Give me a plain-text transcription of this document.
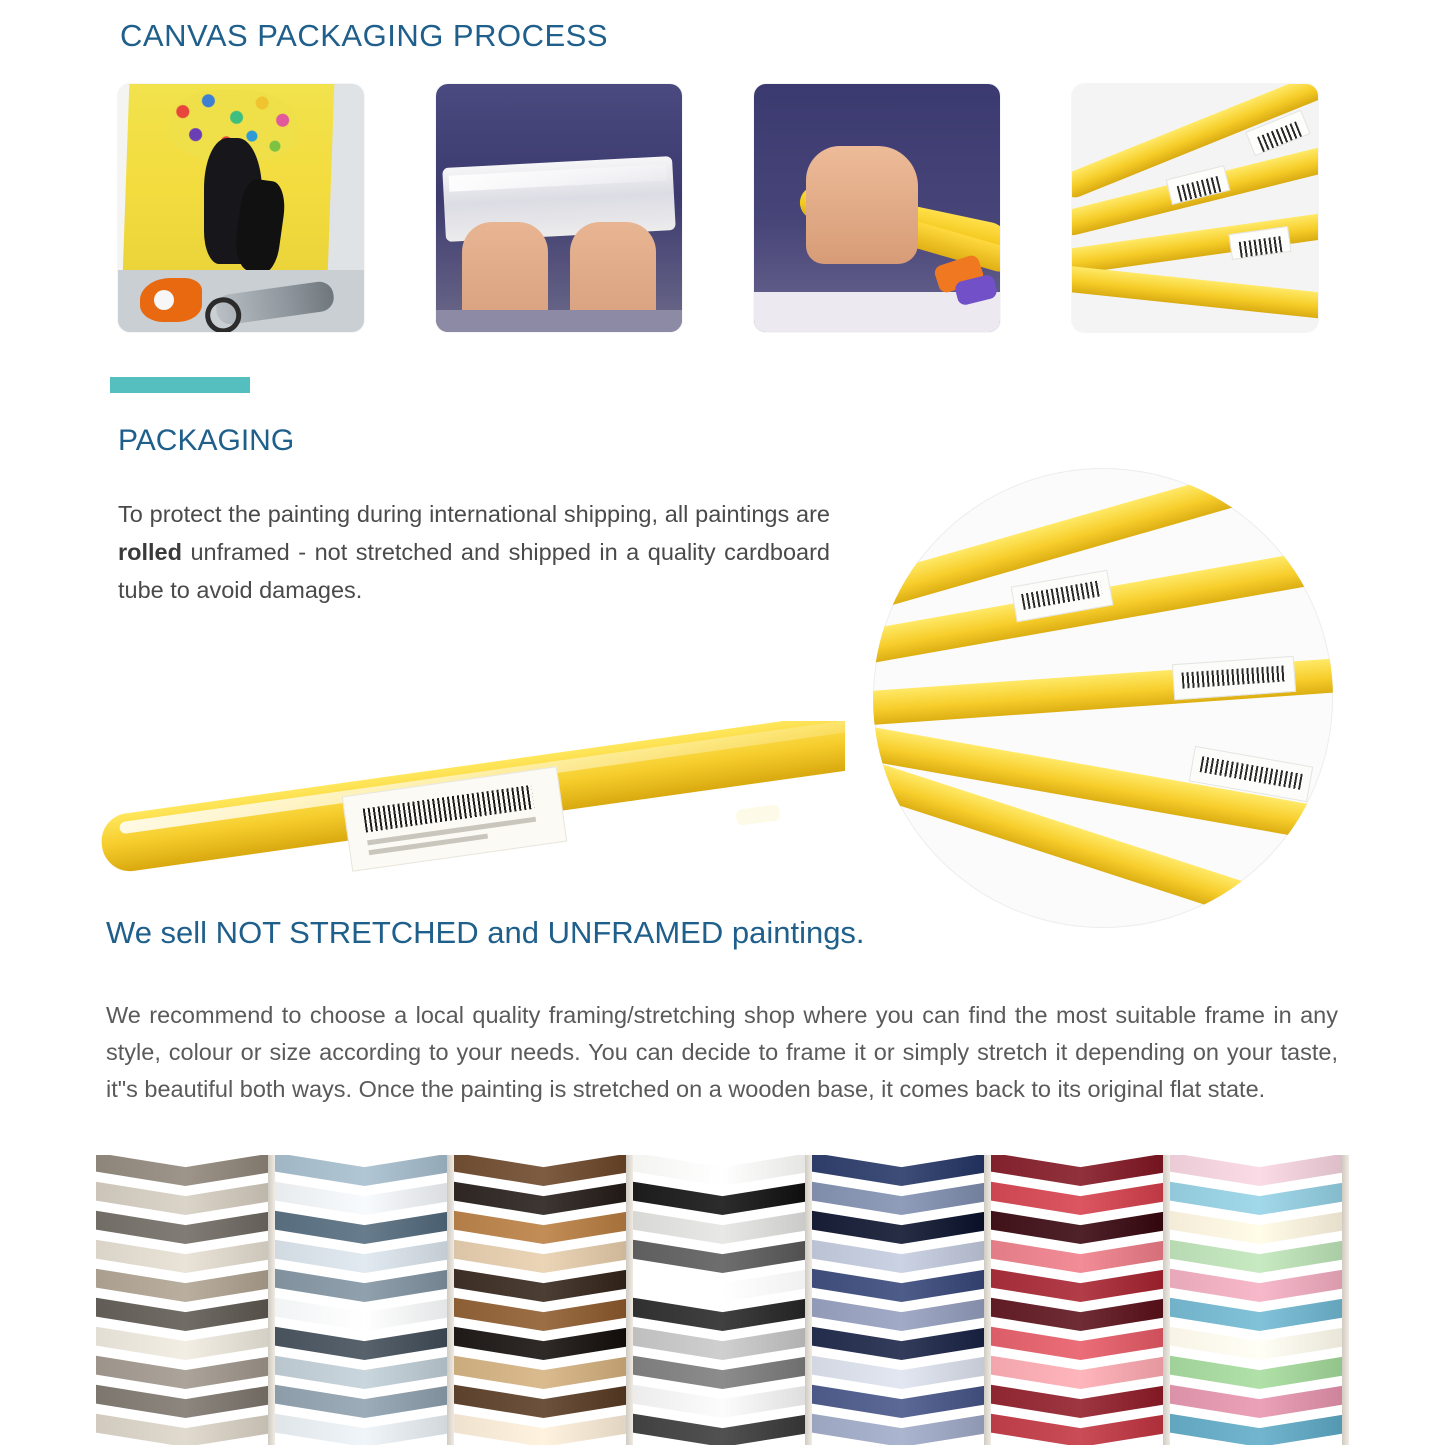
CANVAS PACKAGING PROCESS
PACKAGING
To protect the painting during international shipping, all paintings are rolled unframed - not stretched and shipped in a quality cardboard tube to avoid damages.
We sell NOT STRETCHED and UNFRAMED paintings.
We recommend to choose a local quality framing/stretching shop where you can find the most suitable frame in any style, colour or size according to your needs. You can decide to frame it or simply stretch it depending on your taste, it"s beautiful both ways. Once the painting is stretched on a wooden base, it comes back to its original flat state.
